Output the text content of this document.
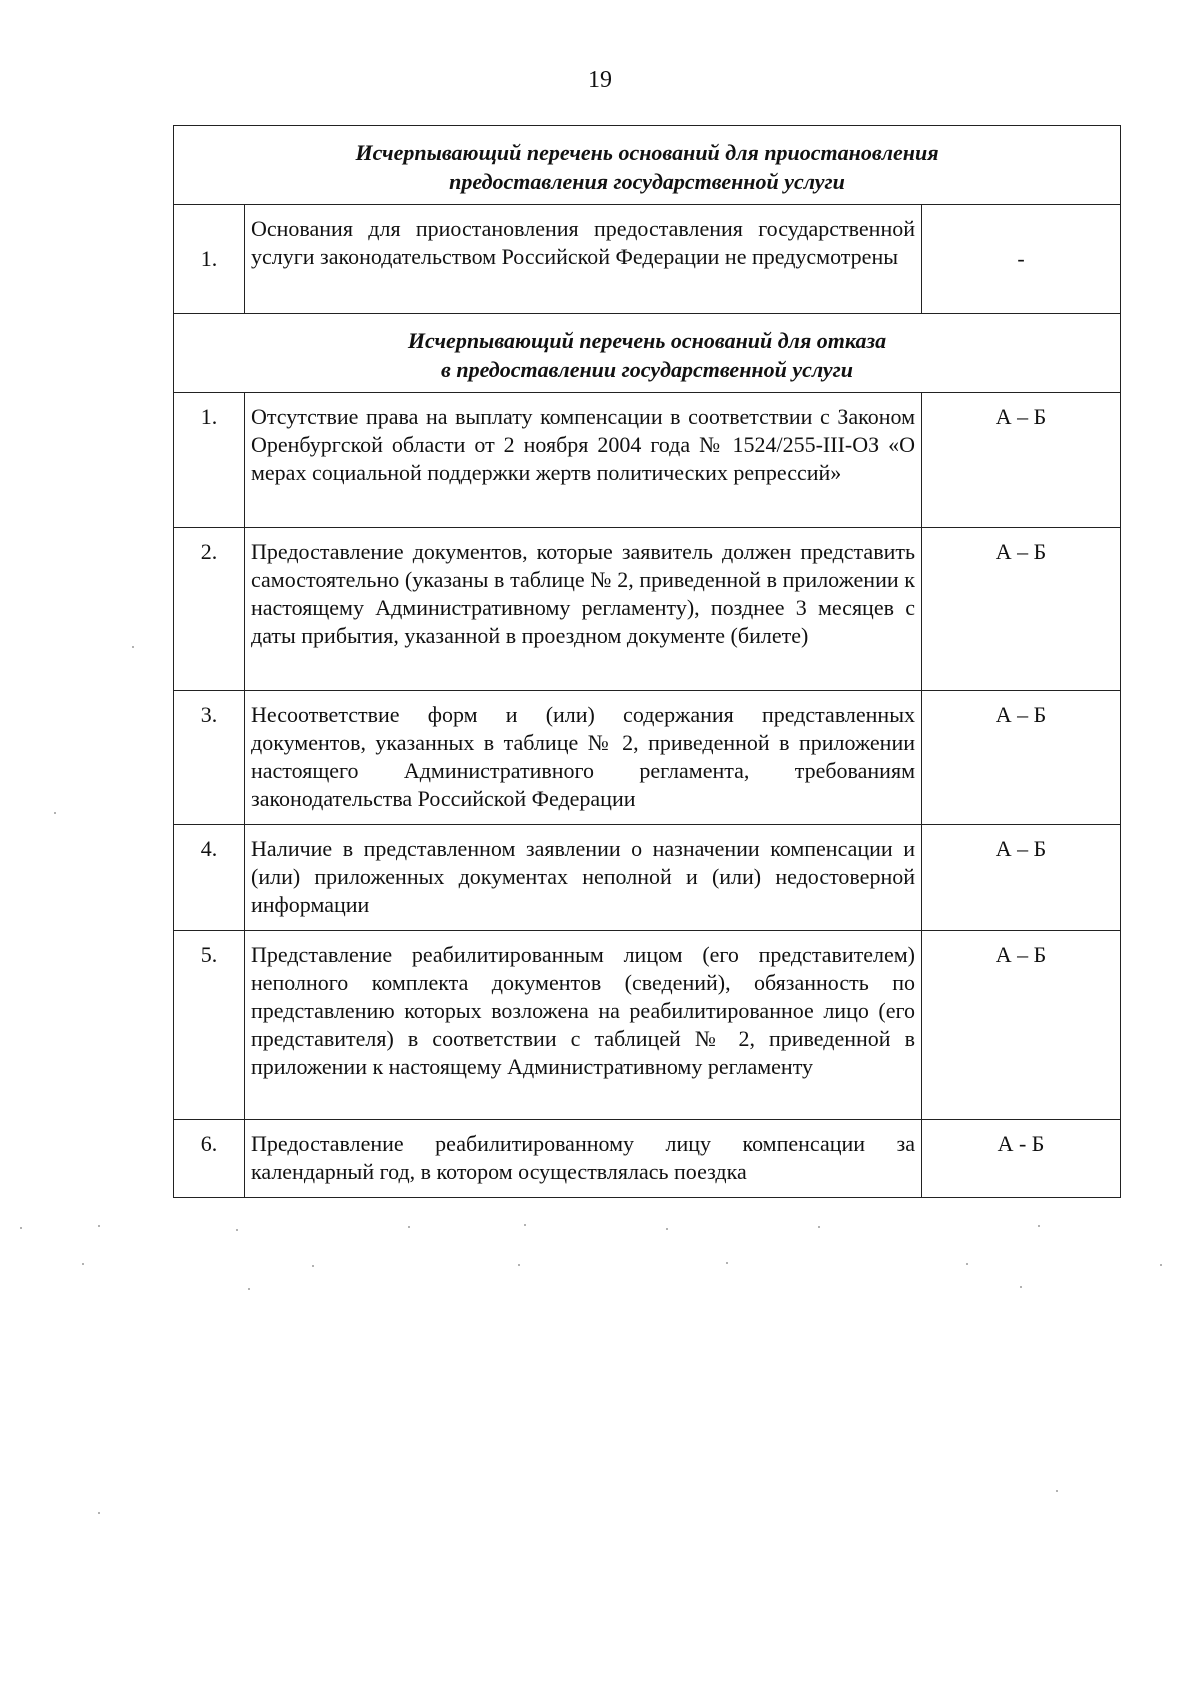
19
Исчерпывающий перечень оснований для приостановления
предоставления государственной услуги		

1.	Основания для приостановления предоставления государственной услуги законодательством Российской Федерации не предусмотрены	-

Исчерпывающий перечень оснований для отказа
в предоставлении государственной услуги		

1.	Отсутствие права на выплату компенсации в соответствии с Законом Оренбургской области от 2 ноября 2004 года № 1524/255-III-ОЗ «О мерах социальной поддержки жертв политических репрессий»	А – Б
2.	Предоставление документов, которые заявитель должен представить самостоятельно (указаны в таблице № 2, приведенной в приложении к настоящему Административному регламенту), позднее 3 месяцев с даты прибытия, указанной в проездном документе (билете)	А – Б
3.	Несоответствие форм и (или) содержания представленных документов, указанных в таблице № 2, приведенной в приложении настоящего Административного регламента, требованиям законодательства Российской Федерации	А – Б
4.	Наличие в представленном заявлении о назначении компенсации и (или) приложенных документах неполной и (или) недостоверной информации	А – Б
5.	Представление реабилитированным лицом (его представителем) неполного комплекта документов (сведений), обязанность по представлению которых возложена на реабилитированное лицо (его представителя) в соответствии с таблицей № 2, приведенной в приложении к настоящему Административному регламенту	А – Б
6.	Предоставление реабилитированному лицу компенсации за календарный год, в котором осуществлялась поездка	А - Б
